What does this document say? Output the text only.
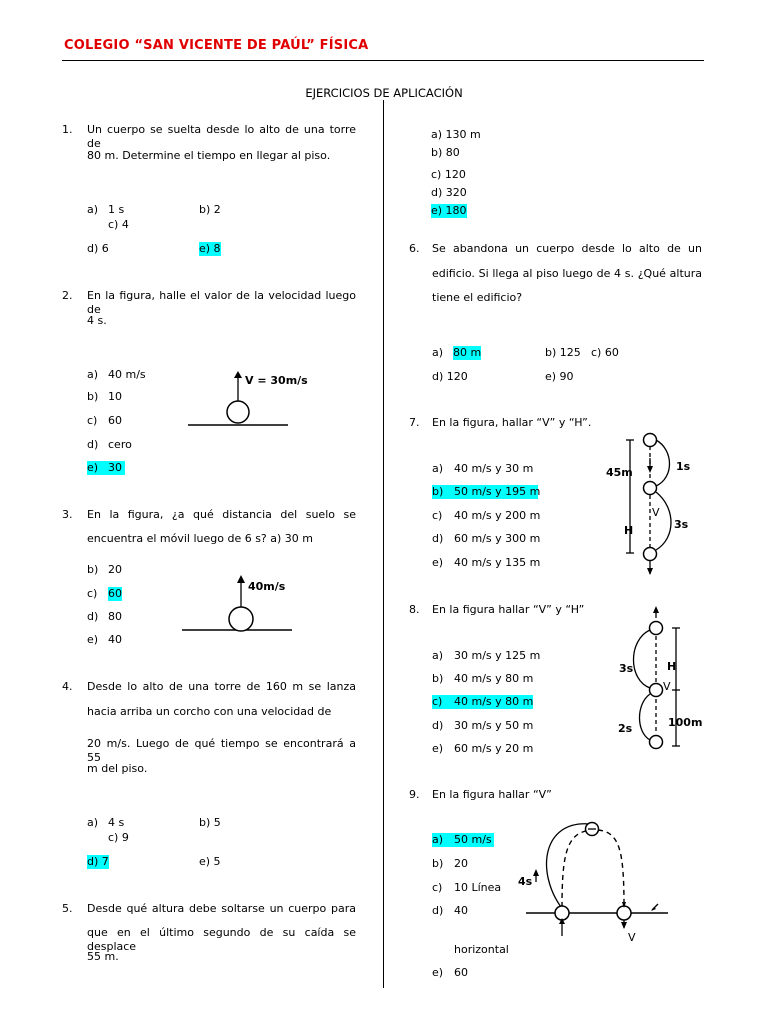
COLEGIO “SAN VICENTE DE PAÚL” FÍSICA
EJERCICIOS DE APLICACIÓN
1. Un cuerpo se suelta desde lo alto de una torre de
80 m. Determine el tiempo en llegar al piso.
a) 1 s	b) 2
c) 4
d) 6	e) 8
2. En la figura, halle el valor de la velocidad luego de
4 s.
a) 40 m/s
b) 10
c) 60
d) cero
e) 30
V = 30m/s
3. En la figura, ¿a qué distancia del suelo se
encuentra el móvil luego de 6 s? a) 30 m
b) 20
c) 60
d) 80
e) 40
40m/s
4. Desde lo alto de una torre de 160 m se lanza
hacia arriba un corcho con una velocidad de
20 m/s. Luego de qué tiempo se encontrará a 55
m del piso.
a) 4 s	b) 5
c) 9
d) 7	e) 5
5. Desde qué altura debe soltarse un cuerpo para
que en el último segundo de su caída se desplace
55 m.
a) 130 m
b) 80
c) 120
d) 320
e) 180
6. Se abandona un cuerpo desde lo alto de un
edificio. Si llega al piso luego de 4 s. ¿Qué altura
tiene el edificio?
a) 80 m	b) 125 c) 60
d) 120	e) 90
7. En la figura, hallar “V” y “H”.
a) 40 m/s y 30 m
b) 50 m/s y 195 m
c) 40 m/s y 200 m
d) 60 m/s y 300 m
e) 40 m/s y 135 m
45m	1s
V
H	3s
8. En la figura hallar “V” y “H”
a) 30 m/s y 125 m
b) 40 m/s y 80 m
c) 40 m/s y 80 m
d) 30 m/s y 50 m
e) 60 m/s y 20 m
3s	H
V
100m
2s
9. En la figura hallar “V”
a) 50 m/s
b) 20
c) 10 Línea
d) 40
horizontal
e) 60
4s
V
